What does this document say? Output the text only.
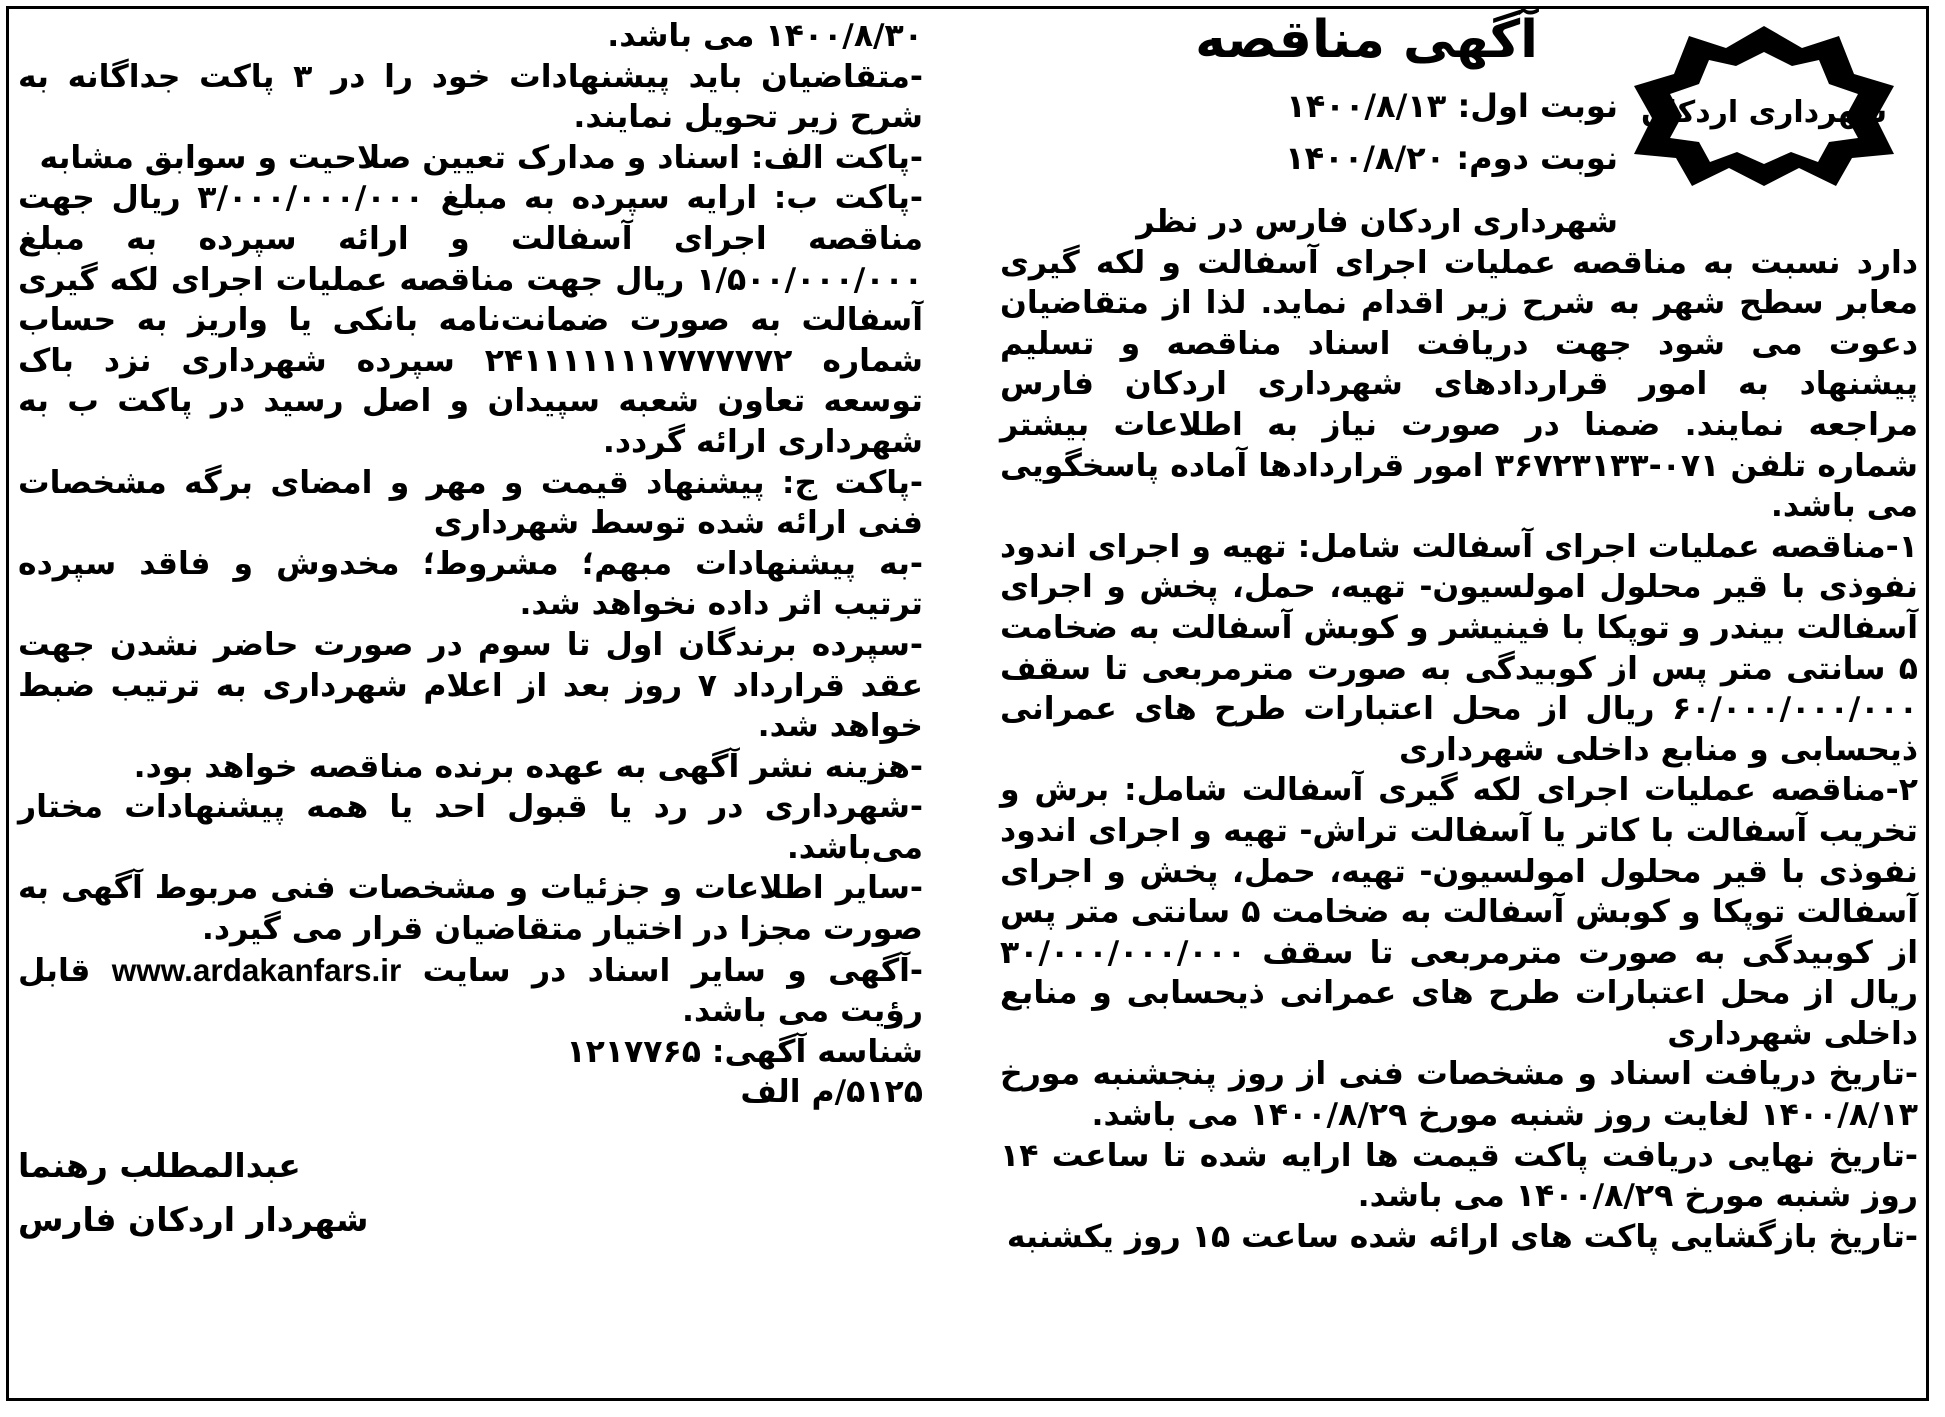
شهرداری اردکان
آگهی مناقصه
نوبت اول: ۱۴۰۰/۸/۱۳
نوبت دوم: ۱۴۰۰/۸/۲۰

شهرداری اردکان فارس در نظر

دارد نسبت به مناقصه عملیات اجرای آسفالت و لکه گیری معابر سطح شهر به شرح زیر اقدام نماید. لذا از متقاضیان دعوت می شود جهت دریافت اسناد مناقصه و تسلیم پیشنهاد به امور قراردادهای شهرداری اردکان فارس مراجعه نمایند. ضمنا در صورت نیاز به اطلاعات بیشتر شماره تلفن ۰۷۱-۳۶۷۲۳۱۳۳ امور قراردادها آماده پاسخگویی می باشد.

۱-مناقصه عملیات اجرای آسفالت شامل: تهیه و اجرای اندود نفوذی با قیر محلول امولسیون- تهیه، حمل، پخش و اجرای آسفالت بیندر و توپکا با فینیشر و کوبش آسفالت به ضخامت ۵ سانتی متر پس از کوبیدگی به صورت مترمربعی تا سقف ۶۰/۰۰۰/۰۰۰/۰۰۰ ریال از محل اعتبارات طرح های عمرانی ذیحسابی و منابع داخلی شهرداری

۲-مناقصه عملیات اجرای لکه گیری آسفالت شامل: برش و تخریب آسفالت با کاتر یا آسفالت تراش- تهیه و اجرای اندود نفوذی با قیر محلول امولسیون- تهیه، حمل، پخش و اجرای آسفالت توپکا و کوبش آسفالت به ضخامت ۵ سانتی متر پس از کوبیدگی به صورت مترمربعی تا سقف ۳۰/۰۰۰/۰۰۰/۰۰۰ ریال از محل اعتبارات طرح های عمرانی ذیحسابی و منابع داخلی شهرداری

-تاریخ دریافت اسناد و مشخصات فنی از روز پنجشنبه مورخ ۱۴۰۰/۸/۱۳ لغایت روز شنبه مورخ ۱۴۰۰/۸/۲۹ می باشد.

-تاریخ نهایی دریافت پاکت قیمت ها ارایه شده تا ساعت ۱۴ روز شنبه مورخ ۱۴۰۰/۸/۲۹ می باشد.

-تاریخ بازگشایی پاکت های ارائه شده ساعت ۱۵ روز یکشنبه

۱۴۰۰/۸/۳۰ می باشد.

-متقاضیان باید پیشنهادات خود را در ۳ پاکت جداگانه به شرح زیر تحویل نمایند.

-پاکت الف: اسناد و مدارک تعیین صلاحیت و سوابق مشابه

-پاکت ب: ارایه سپرده به مبلغ ۳/۰۰۰/۰۰۰/۰۰۰ ریال جهت مناقصه اجرای آسفالت و ارائه سپرده به مبلغ ۱/۵۰۰/۰۰۰/۰۰۰ ریال جهت مناقصه عملیات اجرای لکه گیری آسفالت به صورت ضمانت‌نامه بانکی یا واریز به حساب شماره ۲۴۱۱۱۱۱۱۱۷۷۷۷۷۷۲ سپرده شهرداری نزد باک توسعه تعاون شعبه سپیدان و اصل رسید در پاکت ب به شهرداری ارائه گردد.

-پاکت ج: پیشنهاد قیمت و مهر و امضای برگه مشخصات فنی ارائه شده توسط شهرداری

-به پیشنهادات مبهم؛ مشروط؛ مخدوش و فاقد سپرده ترتیب اثر داده نخواهد شد.

-سپرده برندگان اول تا سوم در صورت حاضر نشدن جهت عقد قرارداد ۷ روز بعد از اعلام شهرداری به ترتیب ضبط خواهد شد.

-هزینه نشر آگهی به عهده برنده مناقصه خواهد بود.

-شهرداری در رد یا قبول احد یا همه پیشنهادات مختار می‌باشد.

-سایر اطلاعات و جزئیات و مشخصات فنی مربوط آگهی به صورت مجزا در اختیار متقاضیان قرار می گیرد.

-آگهی و سایر اسناد در سایت www.ardakanfars.ir قابل رؤیت می باشد.

شناسه آگهی: ۱۲۱۷۷۶۵

۵۱۲۵/م الف

عبدالمطلب رهنما
شهردار اردکان فارس
